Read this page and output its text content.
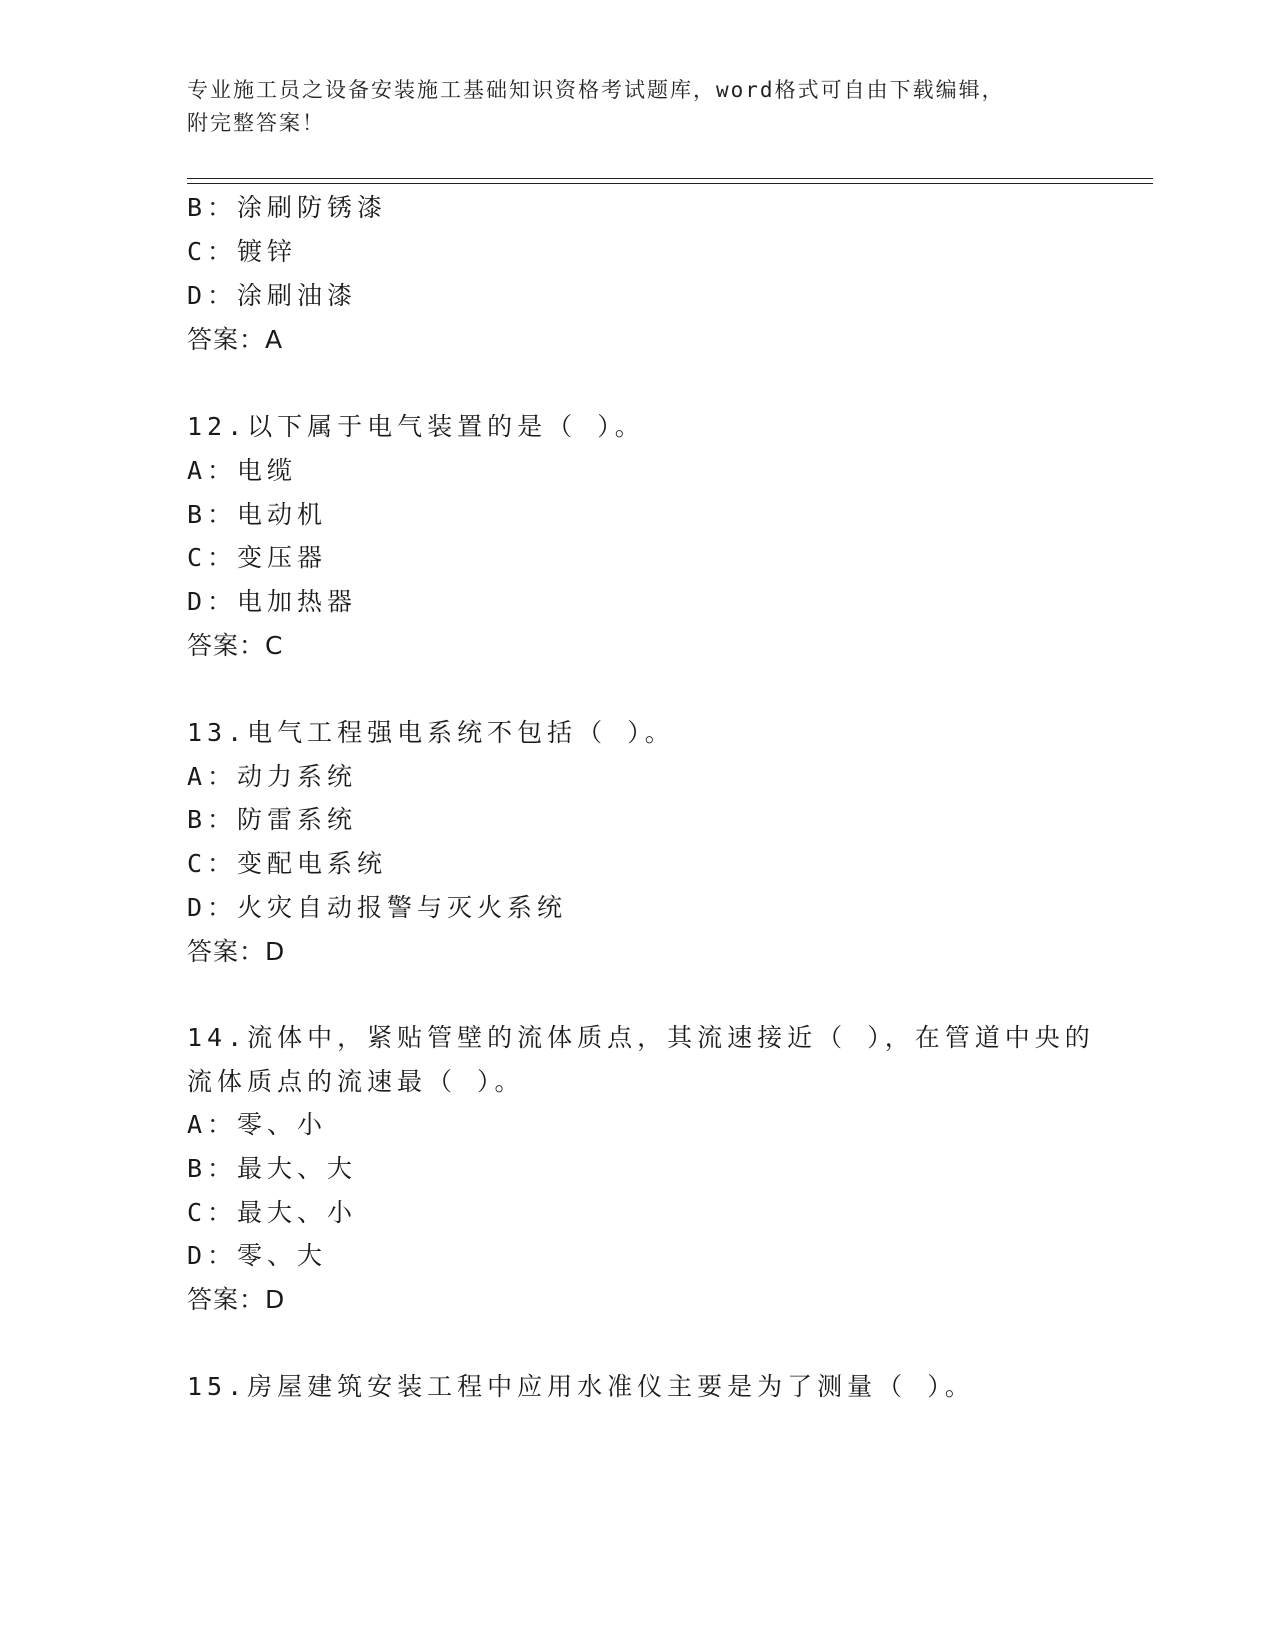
专业施工员之设备安装施工基础知识资格考试题库，word格式可自由下载编辑，
附完整答案！
B：涂刷防锈漆
C：镀锌
D：涂刷油漆
答案：A
12.以下属于电气装置的是（ ）。
A：电缆
B：电动机
C：变压器
D：电加热器
答案：C
13.电气工程强电系统不包括（ ）。
A：动力系统
B：防雷系统
C：变配电系统
D：火灾自动报警与灭火系统
答案：D
14.流体中，紧贴管壁的流体质点，其流速接近（ ），在管道中央的
流体质点的流速最（ ）。
A：零、小
B：最大、大
C：最大、小
D：零、大
答案：D
15.房屋建筑安装工程中应用水准仪主要是为了测量（ ）。
